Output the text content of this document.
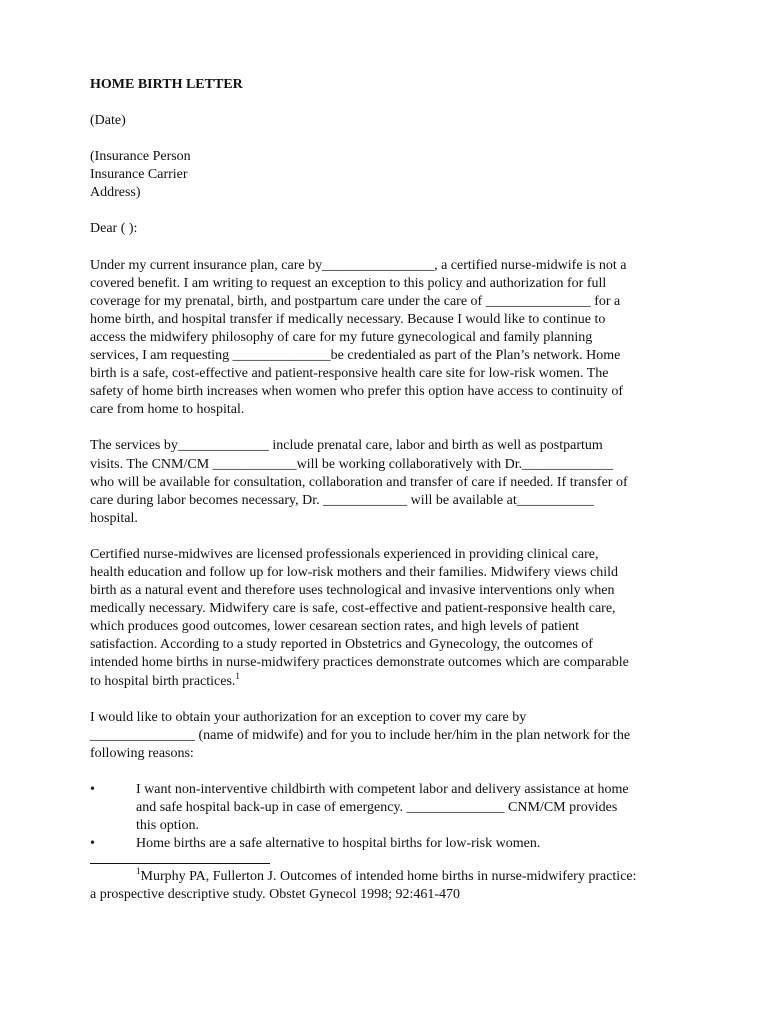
HOME BIRTH LETTER
(Date)
(Insurance Person
Insurance Carrier
Address)
Dear ( ):
Under my current insurance plan, care by________________, a certified nurse-midwife is not a
covered benefit. I am writing to request an exception to this policy and authorization for full
coverage for my prenatal, birth, and postpartum care under the care of _______________ for a
home birth, and hospital transfer if medically necessary. Because I would like to continue to
access the midwifery philosophy of care for my future gynecological and family planning
services, I am requesting ______________be credentialed as part of the Plan’s network. Home
birth is a safe, cost-effective and patient-responsive health care site for low-risk women. The
safety of home birth increases when women who prefer this option have access to continuity of
care from home to hospital.
The services by_____________ include prenatal care, labor and birth as well as postpartum
visits. The CNM/CM ____________will be working collaboratively with Dr._____________
who will be available for consultation, collaboration and transfer of care if needed. If transfer of
care during labor becomes necessary, Dr. ____________ will be available at___________
hospital.
Certified nurse-midwives are licensed professionals experienced in providing clinical care,
health education and follow up for low-risk mothers and their families. Midwifery views child
birth as a natural event and therefore uses technological and invasive interventions only when
medically necessary. Midwifery care is safe, cost-effective and patient-responsive health care,
which produces good outcomes, lower cesarean section rates, and high levels of patient
satisfaction. According to a study reported in Obstetrics and Gynecology, the outcomes of
intended home births in nurse-midwifery practices demonstrate outcomes which are comparable
to hospital birth practices.$^1$
I would like to obtain your authorization for an exception to cover my care by
_______________ (name of midwife) and for you to include her/him in the plan network for the
following reasons:
•	I want non-interventive childbirth with competent labor and delivery assistance at home
and safe hospital back-up in case of emergency. ______________ CNM/CM provides
this option.
•	Home births are a safe alternative to hospital births for low-risk women.
$^1$Murphy PA, Fullerton J. Outcomes of intended home births in nurse-midwifery practice:
a prospective descriptive study. Obstet Gynecol 1998; 92:461-470
